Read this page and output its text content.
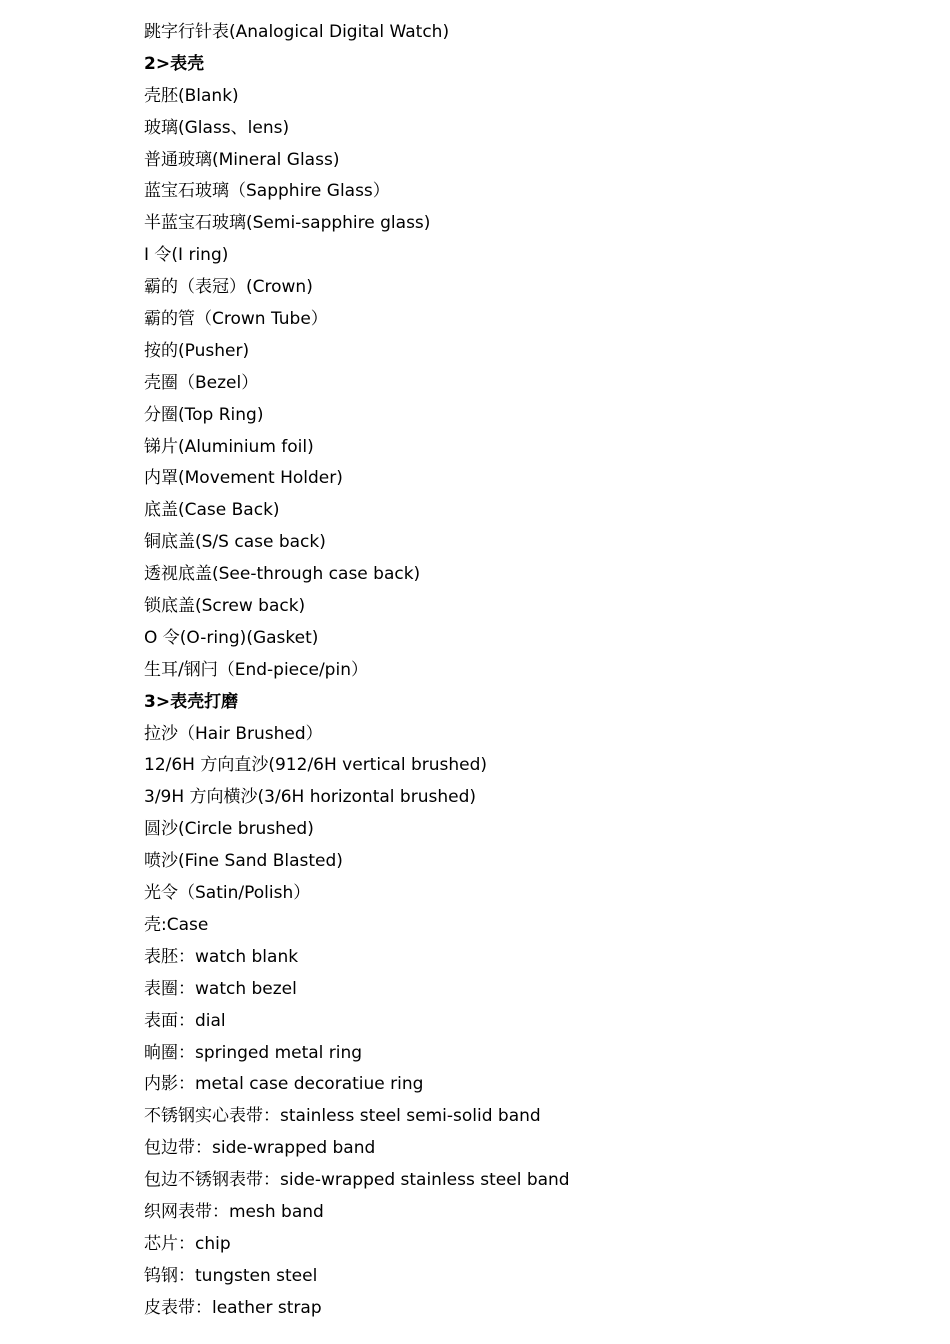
跳字行针表(Analogical Digital Watch)
2>表壳
壳胚(Blank)
玻璃(Glass、lens)
普通玻璃(Mineral Glass)
蓝宝石玻璃（Sapphire Glass）
半蓝宝石玻璃(Semi-sapphire glass)
I 令(I ring)
霸的（表冠）(Crown)
霸的管（Crown Tube）
按的(Pusher)
壳圈（Bezel）
分圈(Top Ring)
锑片(Aluminium foil)
内罩(Movement Holder)
底盖(Case Back)
铜底盖(S/S case back)
透视底盖(See-through case back)
锁底盖(Screw back)
O 令(O-ring)(Gasket)
生耳/钢闩（End-piece/pin）
3>表壳打磨
拉沙（Hair Brushed）
12/6H 方向直沙(912/6H vertical brushed)
3/9H 方向横沙(3/6H horizontal brushed)
圆沙(Circle brushed)
喷沙(Fine Sand Blasted)
光令（Satin/Polish）
壳:Case
表胚：watch blank
表圈：watch bezel
表面：dial
晌圈：springed metal ring
内影：metal case decoratiue ring
不锈钢实心表带：stainless steel semi-solid band
包边带：side-wrapped band
包边不锈钢表带：side-wrapped stainless steel band
织网表带：mesh band
芯片：chip
钨钢：tungsten steel
皮表带：leather strap
